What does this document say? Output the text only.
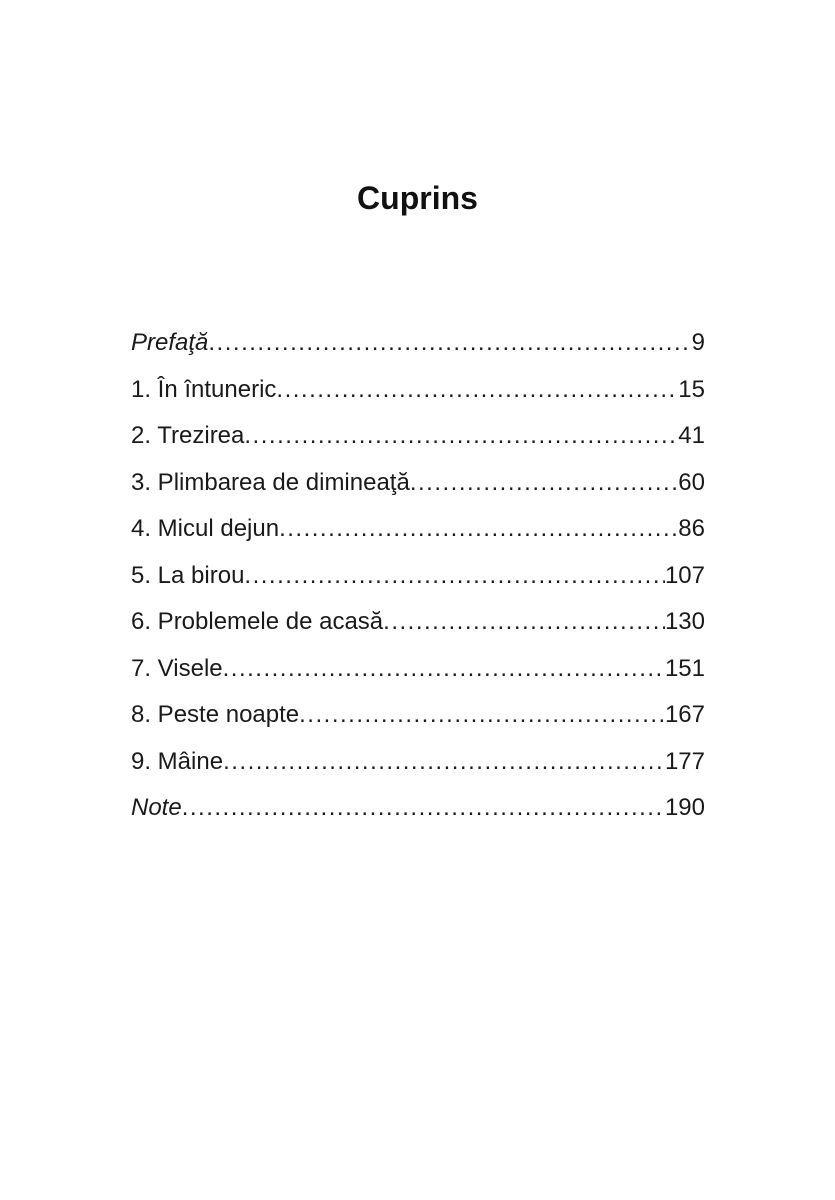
Cuprins
Prefaţă .....	9
1. În întuneric .....	15
2. Trezirea .....	41
3. Plimbarea de dimineaţă .....	60
4. Micul dejun .....	86
5. La birou .....	107
6. Problemele de acasă .....	130
7. Visele .....	151
8. Peste noapte .....	167
9. Mâine .....	177
Note .....	190
